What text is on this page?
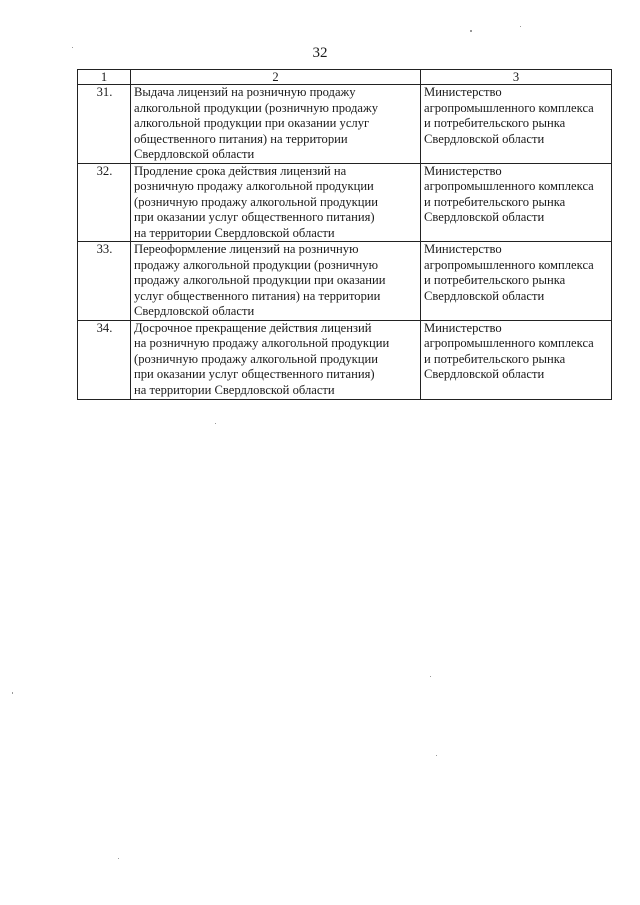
32
1	2	3
31.	Выдача лицензий на розничную продажу
алкогольной продукции (розничную продажу
алкогольной продукции при оказании услуг
общественного питания) на территории
Свердловской области	Министерство
агропромышленного комплекса
и потребительского рынка
Свердловской области

32.	Продление срока действия лицензий на
розничную продажу алкогольной продукции
(розничную продажу алкогольной продукции
при оказании услуг общественного питания)
на территории Свердловской области	Министерство
агропромышленного комплекса
и потребительского рынка
Свердловской области

33.	Переоформление лицензий на розничную
продажу алкогольной продукции (розничную
продажу алкогольной продукции при оказании
услуг общественного питания) на территории
Свердловской области	Министерство
агропромышленного комплекса
и потребительского рынка
Свердловской области

34.	Досрочное прекращение действия лицензий
на розничную продажу алкогольной продукции
(розничную продажу алкогольной продукции
при оказании услуг общественного питания)
на территории Свердловской области	Министерство
агропромышленного комплекса
и потребительского рынка
Свердловской области
